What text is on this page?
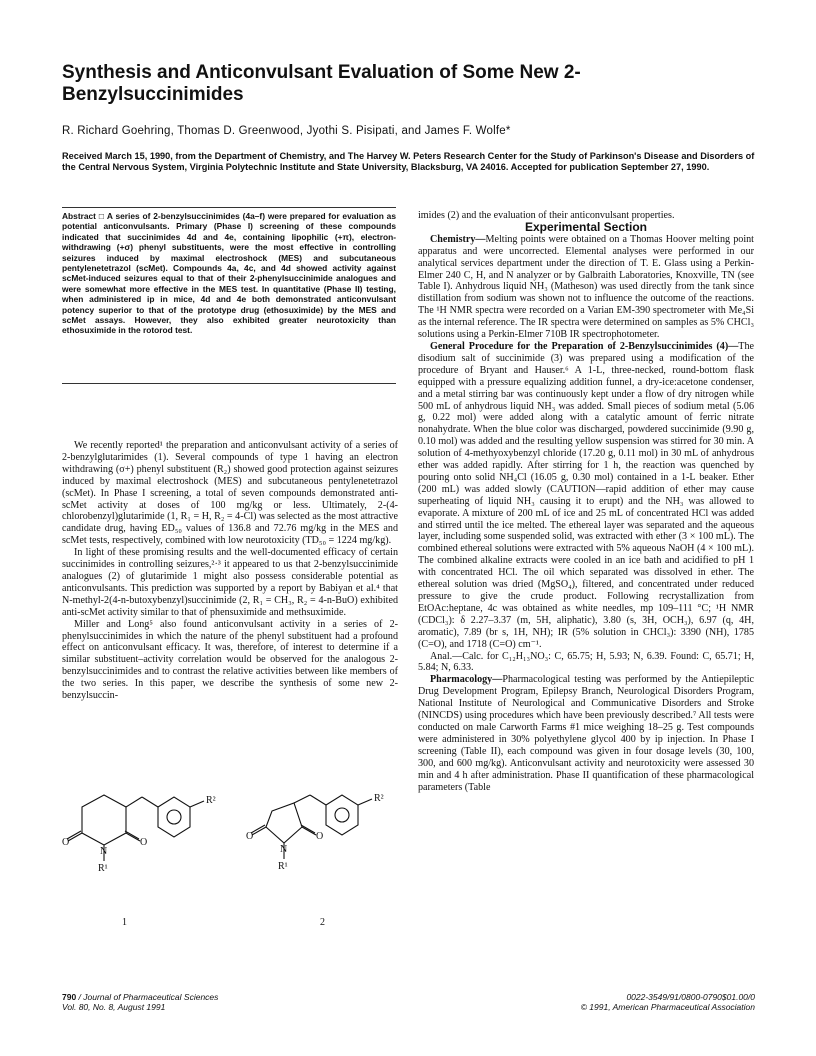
Synthesis and Anticonvulsant Evaluation of Some New 2-Benzylsuccinimides
R. Richard Goehring, Thomas D. Greenwood, Jyothi S. Pisipati, and James F. Wolfe*
Received March 15, 1990, from the Department of Chemistry, and The Harvey W. Peters Research Center for the Study of Parkinson's Disease and Disorders of the Central Nervous System, Virginia Polytechnic Institute and State University, Blacksburg, VA 24016. Accepted for publication September 27, 1990.
Abstract □ A series of 2-benzylsuccinimides (4a–f) were prepared for evaluation as potential anticonvulsants. Primary (Phase I) screening of these compounds indicated that succinimides 4d and 4e, containing lipophilic (+π), electron-withdrawing (+σ) phenyl substituents, were the most effective in controlling seizures induced by maximal electroshock (MES) and subcutaneous pentylenetetrazol (scMet). Compounds 4a, 4c, and 4d showed activity against scMet-induced seizures equal to that of their 2-phenylsuccinimide analogues and were somewhat more effective in the MES test. In quantitative (Phase II) testing, when administered ip in mice, 4d and 4e both demonstrated anticonvulsant potency superior to that of the prototype drug (ethosuximide) by the MES and scMet assays. However, they also exhibited greater neurotoxicity than ethosuximide in the rotorod test.

We recently reported¹ the preparation and anticonvulsant activity of a series of 2-benzylglutarimides (1). Several compounds of type 1 having an electron withdrawing (σ+) phenyl substituent (R₂) showed good protection against seizures induced by maximal electroshock (MES) and subcutaneous pentylenetetrazol (scMet). In Phase I screening, a total of seven compounds demonstrated anti-scMet activity at doses of 100 mg/kg or less. Ultimately, 2-(4-chlorobenzyl)glutarimide (1, R₁ = H, R₂ = 4-Cl) was selected as the most attractive candidate drug, having ED₅₀ values of 136.8 and 72.76 mg/kg in the MES and scMet tests, respectively, combined with low neurotoxicity (TD₅₀ = 1224 mg/kg).

In light of these promising results and the well-documented efficacy of certain succinimides in controlling seizures,²·³ it appeared to us that 2-benzylsuccinimide analogues (2) of glutarimide 1 might also possess considerable potential as anticonvulsants. This prediction was supported by a report by Babiyan et al.⁴ that N-methyl-2(4-n-butoxybenzyl)succinimide (2, R₁ = CH₃, R₂ = 4-n-BuO) exhibited anti-scMet activity similar to that of phensuximide and methsuximide.

Miller and Long⁵ also found anticonvulsant activity in a series of 2-phenylsuccinimides in which the nature of the phenyl substituent had a profound effect on anticonvulsant efficacy. It was, therefore, of interest to determine if a similar substituent–activity correlation would be observed for the analogous 2-benzylsuccinimides and to contrast the relative activities between like members of the two series. In this paper, we describe the synthesis of some new 2-benzylsuccin-

O	O
N
R¹
R²
1
O	O
N
R¹
R²
2

imides (2) and the evaluation of their anticonvulsant properties.

Experimental Section

Chemistry—Melting points were obtained on a Thomas Hoover melting point apparatus and were uncorrected. Elemental analyses were performed in our analytical services department under the direction of T. E. Glass using a Perkin-Elmer 240 C, H, and N analyzer or by Galbraith Laboratories, Knoxville, TN (see Table I). Anhydrous liquid NH₃ (Matheson) was used directly from the tank since distillation from sodium was shown not to influence the outcome of the reactions. The ¹H NMR spectra were recorded on a Varian EM-390 spectrometer with Me₄Si as the internal reference. The IR spectra were determined on samples as 5% CHCl₃ solutions using a Perkin-Elmer 710B IR spectrophotometer.

General Procedure for the Preparation of 2-Benzylsuccinimides (4)—The disodium salt of succinimide (3) was prepared using a modification of the procedure of Bryant and Hauser.⁶ A 1-L, three-necked, round-bottom flask equipped with a pressure equalizing addition funnel, a dry-ice:acetone condenser, and a metal stirring bar was continuously kept under a flow of dry nitrogen while 500 mL of anhydrous liquid NH₃ was added. Small pieces of sodium metal (5.06 g, 0.22 mol) were added along with a catalytic amount of ferric nitrate nonahydrate. When the blue color was discharged, powdered succinimide (9.90 g, 0.10 mol) was added and the resulting yellow suspension was stirred for 30 min. A solution of 4-methyoxybenzyl chloride (17.20 g, 0.11 mol) in 30 mL of anhydrous ether was added rapidly. After stirring for 1 h, the reaction was quenched by pouring onto solid NH₄Cl (16.05 g, 0.30 mol) contained in a 1-L beaker. Ether (200 mL) was added slowly (CAUTION—rapid addition of ether may cause superheating of liquid NH₃ causing it to erupt) and the NH₃ was allowed to evaporate. A mixture of 200 mL of ice and 25 mL of concentrated HCl was added and stirred until the ice melted. The ethereal layer was separated and the aqueous layer, including some suspended solid, was extracted with ether (3 × 100 mL). The combined ethereal solutions were extracted with 5% aqueous NaOH (4 × 100 mL). The combined alkaline extracts were cooled in an ice bath and acidified to pH 1 with concentrated HCl. The oil which separated was dissolved in ether. The ethereal solution was dried (MgSO₄), filtered, and concentrated under reduced pressure to give the crude product. Following recrystallization from EtOAc:heptane, 4c was obtained as white needles, mp 109–111 °C; ¹H NMR (CDCl₃): δ 2.27–3.37 (m, 5H, aliphatic), 3.80 (s, 3H, OCH₃), 6.97 (q, 4H, aromatic), 7.89 (br s, 1H, NH); IR (5% solution in CHCl₃): 3390 (NH), 1785 (C=O), and 1718 (C=O) cm⁻¹.

Anal.—Calc. for C₁₂H₁₃NO₃: C, 65.75; H, 5.93; N, 6.39. Found: C, 65.71; H, 5.84; N, 6.33.

Pharmacology—Pharmacological testing was performed by the Antiepileptic Drug Development Program, Epilepsy Branch, Neurological Disorders Program, National Institute of Neurological and Communicative Disorders and Stroke (NINCDS) using procedures which have been previously described.⁷ All tests were conducted on male Carworth Farms #1 mice weighing 18–25 g. Test compounds were administered in 30% polyethylene glycol 400 by ip injection. In Phase I screening (Table II), each compound was given in four dosage levels (30, 100, 300, and 600 mg/kg). Anticonvulsant activity and neurotoxicity were assessed 30 min and 4 h after administration. Phase II quantification of these pharmacological parameters (Table

790 / Journal of Pharmaceutical Sciences
Vol. 80, No. 8, August 1991
0022-3549/91/0800-0790$01.00/0
© 1991, American Pharmaceutical Association
